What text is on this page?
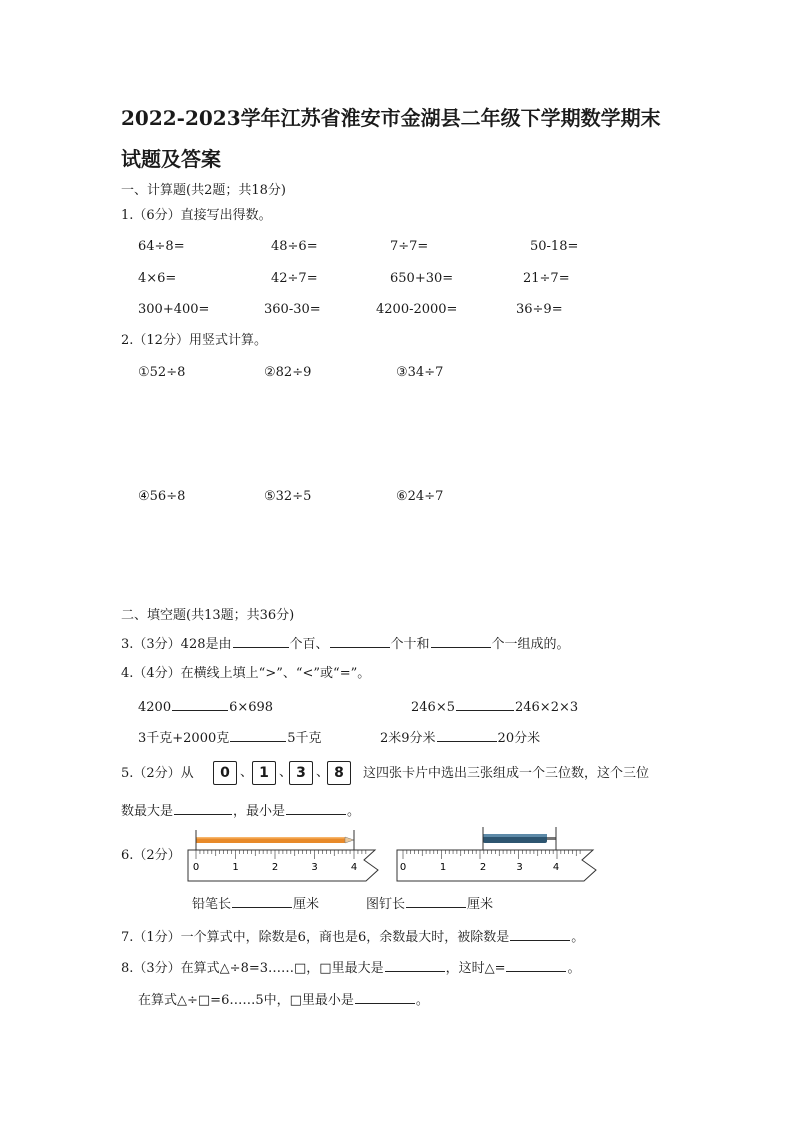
2022-2023学年江苏省淮安市金湖县二年级下学期数学期末
试题及答案
一、计算题(共2题；共18分)
1.（6分）直接写出得数。
64÷8=	48÷6=	7÷7=	50-18=
4×6=	42÷7=	650+30=	21÷7=
300+400=	360-30=	4200-2000=	36÷9=
2.（12分）用竖式计算。
①52÷8	②82÷9	③34÷7
④56÷8	⑤32÷5	⑥24÷7
二、填空题(共13题；共36分)
3.（3分）428是由	个百、	个十和	个一组成的。
4.（4分）在横线上填上“>”、“<”或“=”。
4200	6×698	246×5	246×2×3
3千克+2000克	5千克	2米9分米	20分米
5.（2分）从	0 、 1 、 3 、 8	这四张卡片中选出三张组成一个三位数，这个三位
数最大是	，最小是	。
6.（2分）
0	1	2	3	4	0	1	2	3	4
铅笔长	厘米	图钉长	厘米
7.（1分）一个算式中，除数是6，商也是6，余数最大时，被除数是	。
8.（3分）在算式△÷8=3……□，□里最大是	，这时△=	。
在算式△÷□=6……5中，□里最小是	。
